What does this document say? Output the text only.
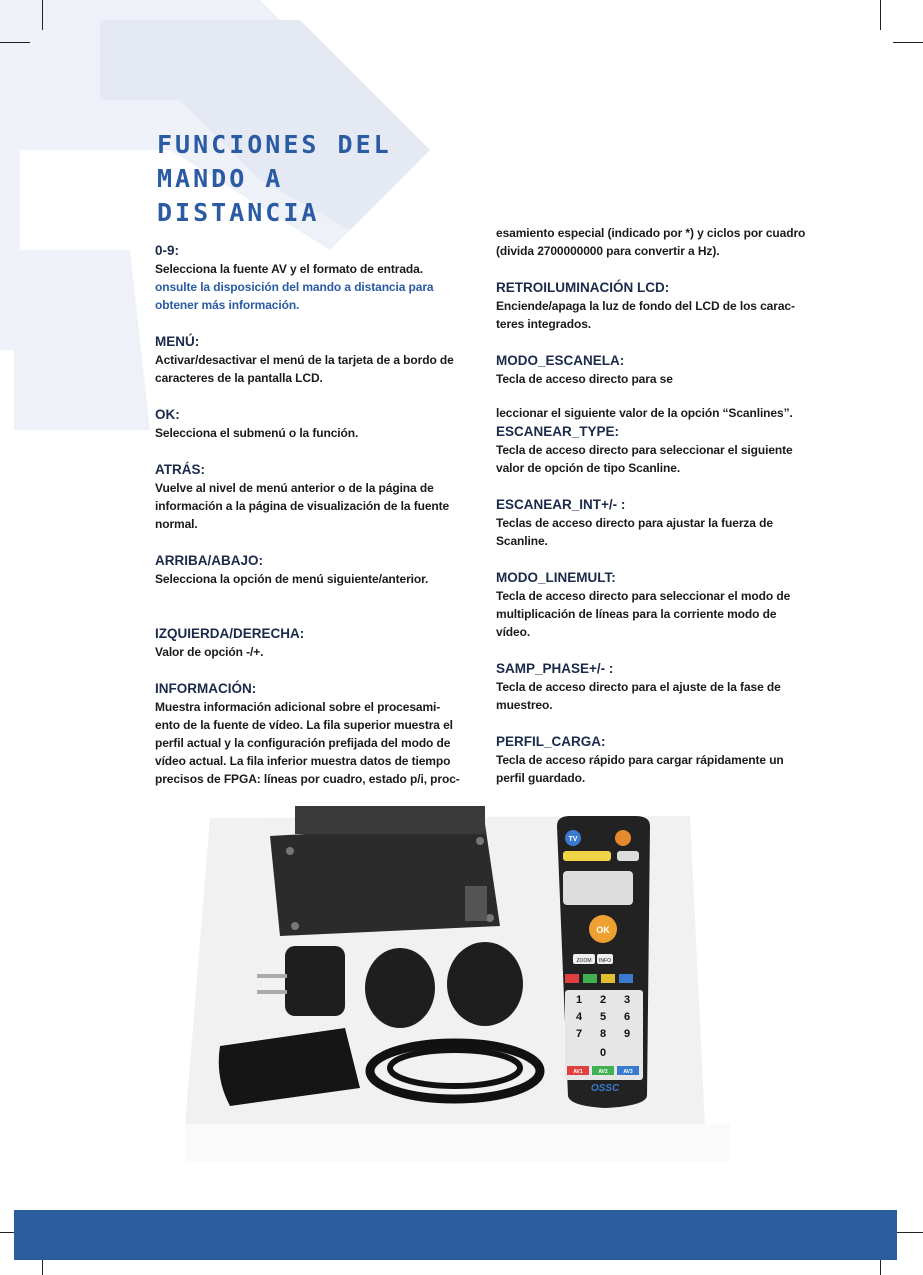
FUNCIONES DEL
MANDO A
DISTANCIA
0-9:
Selecciona la fuente AV y el formato de entrada.
onsulte la disposición del mando a distancia para obtener más información.
MENÚ:
Activar/desactivar el menú de la tarjeta de a bordo de caracteres de la pantalla LCD.
OK:
Selecciona el submenú o la función.
ATRÁS:
Vuelve al nivel de menú anterior o de la página de información a la página de visualización de la fuente normal.
ARRIBA/ABAJO:
Selecciona la opción de menú siguiente/anterior.
IZQUIERDA/DERECHA:
Valor de opción -/+.
INFORMACIÓN:
Muestra información adicional sobre el procesami-ento de la fuente de vídeo. La fila superior muestra el perfil actual y la configuración prefijada del modo de vídeo actual. La fila inferior muestra datos de tiempo precisos de FPGA: líneas por cuadro, estado p/i, proc-
esamiento especial (indicado por *) y ciclos por cuadro (divida 2700000000 para convertir a Hz).
RETROILUMINACIÓN LCD:
Enciende/apaga la luz de fondo del LCD de los carac-teres integrados.
MODO_ESCANELA:
Tecla de acceso directo para se
leccionar el siguiente valor de la opción “Scanlines”.
ESCANEAR_TYPE:
Tecla de acceso directo para seleccionar el siguiente valor de opción de tipo Scanline.
ESCANEAR_INT+/- :
Teclas de acceso directo para ajustar la fuerza de Scanline.
MODO_LINEMULT:
Tecla de acceso directo para seleccionar el modo de multiplicación de líneas para la corriente modo de vídeo.
SAMP_PHASE+/- :
Tecla de acceso directo para el ajuste de la fase de muestreo.
PERFIL_CARGA:
Tecla de acceso rápido para cargar rápidamente un perfil guardado.
TV
OK
ZOOM INFO
1 2 3
4 5 6
7 8 9
0
AV1	AV2	AV3
OSSC
